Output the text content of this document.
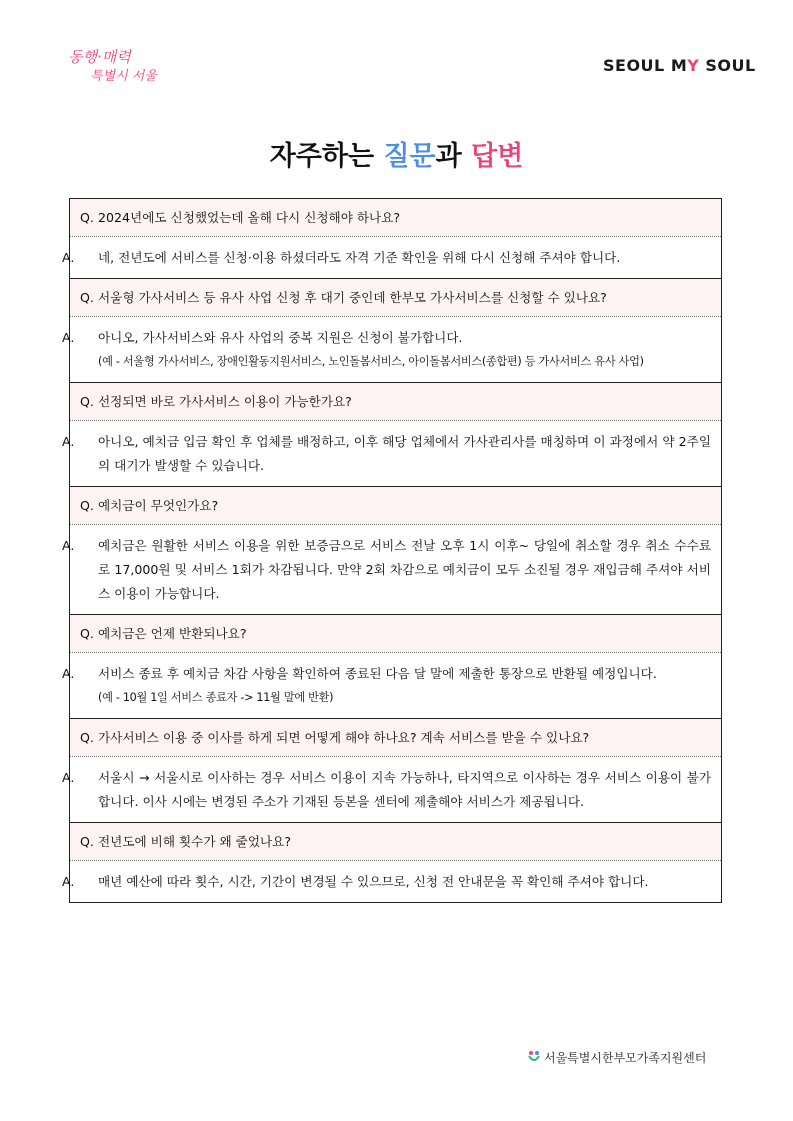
동행·매력
특별시 서울
SEOUL MY SOUL
자주하는 질문과 답변
Q. 2024년에도 신청했었는데 올해 다시 신청해야 하나요?
A. 네, 전년도에 서비스를 신청·이용 하셨더라도 자격 기준 확인을 위해 다시 신청해 주셔야 합니다.
Q. 서울형 가사서비스 등 유사 사업 신청 후 대기 중인데 한부모 가사서비스를 신청할 수 있나요?
A. 아니오, 가사서비스와 유사 사업의 중복 지원은 신청이 불가합니다.
(예 - 서울형 가사서비스, 장애인활동지원서비스, 노인돌봄서비스, 아이돌봄서비스(종합편) 등 가사서비스 유사 사업)
Q. 선정되면 바로 가사서비스 이용이 가능한가요?
A. 아니오, 예치금 입금 확인 후 업체를 배정하고, 이후 해당 업체에서 가사관리사를 매칭하며 이 과정에서 약 2주일의 대기가 발생할 수 있습니다.
Q. 예치금이 무엇인가요?
A. 예치금은 원활한 서비스 이용을 위한 보증금으로 서비스 전날 오후 1시 이후~ 당일에 취소할 경우 취소 수수료로 17,000원 및 서비스 1회가 차감됩니다. 만약 2회 차감으로 예치금이 모두 소진될 경우 재입금해 주셔야 서비스 이용이 가능합니다.
Q. 예치금은 언제 반환되나요?
A. 서비스 종료 후 예치금 차감 사항을 확인하여 종료된 다음 달 말에 제출한 통장으로 반환될 예정입니다.
(예 - 10월 1일 서비스 종료자 -> 11월 말에 반환)
Q. 가사서비스 이용 중 이사를 하게 되면 어떻게 해야 하나요? 계속 서비스를 받을 수 있나요?
A. 서울시 → 서울시로 이사하는 경우 서비스 이용이 지속 가능하나, 타지역으로 이사하는 경우 서비스 이용이 불가합니다. 이사 시에는 변경된 주소가 기재된 등본을 센터에 제출해야 서비스가 제공됩니다.
Q. 전년도에 비해 횟수가 왜 줄었나요?
A. 매년 예산에 따라 횟수, 시간, 기간이 변경될 수 있으므로, 신청 전 안내문을 꼭 확인해 주셔야 합니다.
서울특별시한부모가족지원센터
